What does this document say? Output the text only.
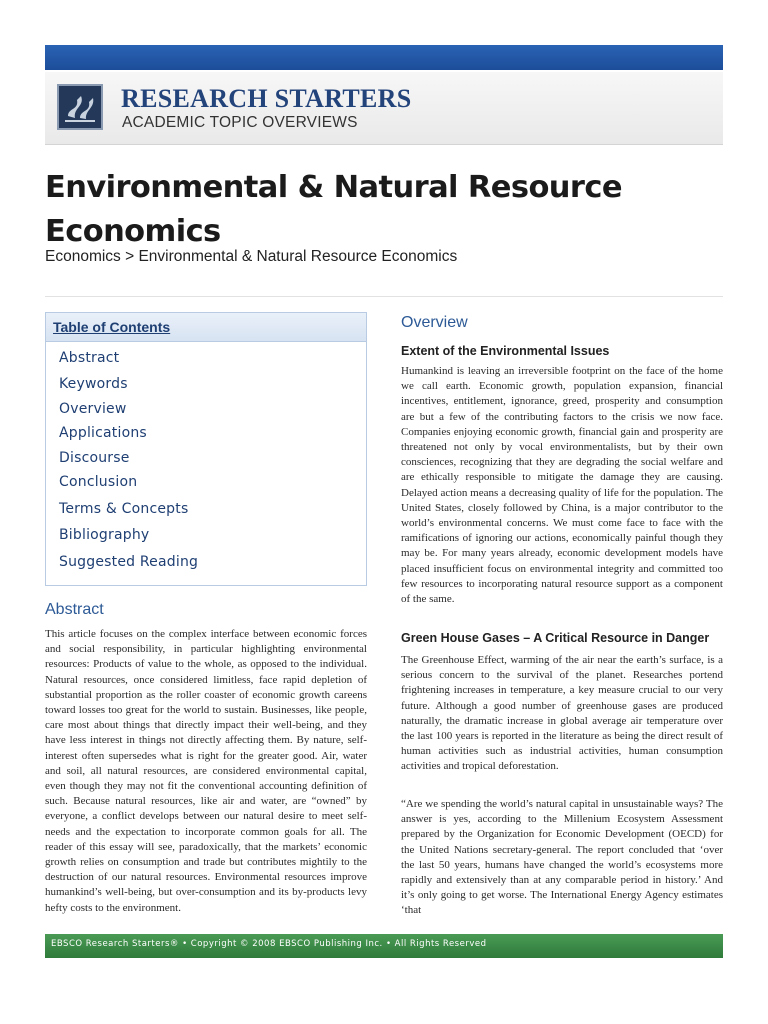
RESEARCH STARTERS
ACADEMIC TOPIC OVERVIEWS
Environmental & Natural Resource Economics
Economics > Environmental & Natural Resource Economics
Table of Contents
Abstract
Keywords
Overview
Applications
Discourse
Conclusion
Terms & Concepts
Bibliography
Suggested Reading
Abstract

This article focuses on the complex interface between economic forces and social responsibility, in particular highlighting environmental resources: Products of value to the whole, as opposed to the individual. Natural resources, once considered limitless, face rapid depletion of substantial proportion as the roller coaster of economic growth careens toward losses too great for the world to sustain. Businesses, like people, care most about things that directly impact their well-being, and they have less interest in things not directly affecting them. By nature, self-interest often supersedes what is right for the greater good. Air, water and soil, all natural resources, are considered environmental capital, even though they may not fit the conventional accounting definition of such. Because natural resources, like air and water, are “owned” by everyone, a conflict develops between our natural desire to meet self-needs and the expectation to incorporate common goals for all. The reader of this essay will see, paradoxically, that the markets’ economic growth relies on consumption and trade but contributes mightily to the destruction of our natural resources. Environmental resources improve humankind’s well-being, but over-consumption and its by-products levy hefty costs to the environment.

Overview
Extent of the Environmental Issues

Humankind is leaving an irreversible footprint on the face of the home we call earth. Economic growth, population expansion, financial incentives, entitlement, ignorance, greed, prosperity and consumption are but a few of the contributing factors to the crisis we now face. Companies enjoying economic growth, financial gain and prosperity are threatened not only by vocal environmentalists, but by their own consciences, recognizing that they are degrading the social welfare and are ethically responsible to mitigate the damage they are causing. Delayed action means a decreasing quality of life for the population. The United States, closely followed by China, is a major contributor to the world’s environmental concerns. We must come face to face with the ramifications of ignoring our actions, economically painful though they may be. For many years already, economic development models have placed insufficient focus on environmental integrity and committed too few resources to incorporating natural resource support as a component of the same.

Green House Gases – A Critical Resource in Danger

The Greenhouse Effect, warming of the air near the earth’s surface, is a serious concern to the survival of the planet. Researches portend frightening increases in temperature, a key measure crucial to our very future. Although a good number of greenhouse gases are produced naturally, the dramatic increase in global average air temperature over the last 100 years is reported in the literature as being the direct result of human activities such as industrial activities, human consumption activities and tropical deforestation.

“Are we spending the world’s natural capital in unsustainable ways? The answer is yes, according to the Millenium Ecosystem Assessment prepared by the Organization for Economic Development (OECD) for the United Nations secretary-general. The report concluded that ‘over the last 50 years, humans have changed the world’s ecosystems more rapidly and extensively than at any comparable period in history.’ And it’s only going to get worse. The International Energy Agency estimates ‘that

EBSCO Research Starters® • Copyright © 2008 EBSCO Publishing Inc. • All Rights Reserved
